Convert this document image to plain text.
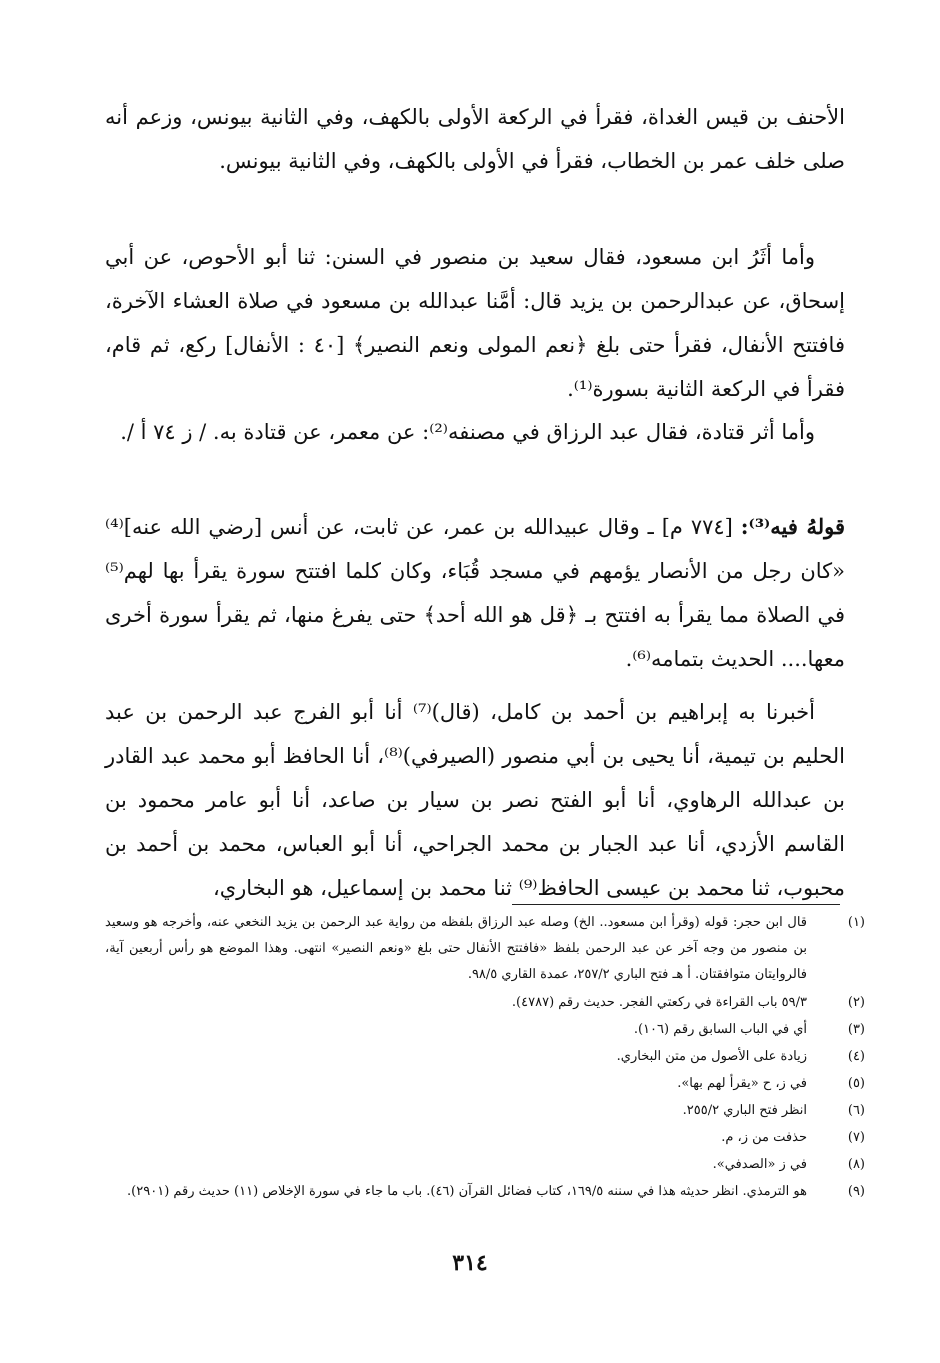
الأحنف بن قيس الغداة، فقرأ في الركعة الأولى بالكهف، وفي الثانية بيونس، وزعم أنه صلى خلف عمر بن الخطاب، فقرأ في الأولى بالكهف، وفي الثانية بيونس.

وأما أثَرُ ابن مسعود، فقال سعيد بن منصور في السنن: ثنا أبو الأحوص، عن أبي إسحاق، عن عبدالرحمن بن يزيد قال: أمَّنا عبدالله بن مسعود في صلاة العشاء الآخرة، فافتتح الأنفال، فقرأ حتى بلغ ﴿نعم المولى ونعم النصير﴾ [٤٠ : الأنفال] ركع، ثم قام، فقرأ في الركعة الثانية بسورة⁽¹⁾.

وأما أثر قتادة، فقال عبد الرزاق في مصنفه⁽²⁾: عن معمر، عن قتادة به. / ز ٧٤ أ /.

قولهُ فيه⁽³⁾: [٧٧٤ م] ـ وقال عبيدالله بن عمر، عن ثابت، عن أنس [رضي الله عنه]⁽⁴⁾ «كان رجل من الأنصار يؤمهم في مسجد قُبَاء، وكان كلما افتتح سورة يقرأ بها لهم⁽⁵⁾ في الصلاة مما يقرأ به افتتح بـ ﴿قل هو الله أحد﴾ حتى يفرغ منها، ثم يقرأ سورة أخرى معها.... الحديث بتمامه⁽⁶⁾.

أخبرنا به إبراهيم بن أحمد بن كامل، (قال)⁽⁷⁾ أنا أبو الفرج عبد الرحمن بن عبد الحليم بن تيمية، أنا يحيى بن أبي منصور (الصيرفي)⁽⁸⁾، أنا الحافظ أبو محمد عبد القادر بن عبدالله الرهاوي، أنا أبو الفتح نصر بن سيار بن صاعد، أنا أبو عامر محمود بن القاسم الأزدي، أنا عبد الجبار بن محمد الجراحي، أنا أبو العباس، محمد بن أحمد بن محبوب، ثنا محمد بن عيسى الحافظ⁽⁹⁾ ثنا محمد بن إسماعيل، هو البخاري،

(١)
قال ابن حجر: قوله (وقرأ ابن مسعود.. الخ) وصله عبد الرزاق بلفظه من رواية عبد الرحمن بن يزيد النخعي عنه، وأخرجه هو وسعيد بن منصور من وجه آخر عن عبد الرحمن بلفظ «فافتتح الأنفال حتى بلغ «ونعم النصير» انتهى. وهذا الموضع هو رأس أربعين آية، فالروايتان متوافقتان. أ هـ فتح الباري ٢٥٧/٢، عمدة القاري ٩٨/٥.
(٢)
٥٩/٣ باب القراءة في ركعتي الفجر. حديث رقم (٤٧٨٧).
(٣)
أي في الباب السابق رقم (١٠٦).
(٤)
زيادة على الأصول من متن البخاري.
(٥)
في ز، ح «يقرأ لهم بها».
(٦)
انظر فتح الباري ٢٥٥/٢.
(٧)
حذفت من ز، م.
(٨)
في ز «الصدفي».
(٩)
هو الترمذي. انظر حديثه هذا في سننه ١٦٩/٥، كتاب فضائل القرآن (٤٦). باب ما جاء في سورة الإخلاص (١١) حديث رقم (٢٩٠١).
٣١٤
